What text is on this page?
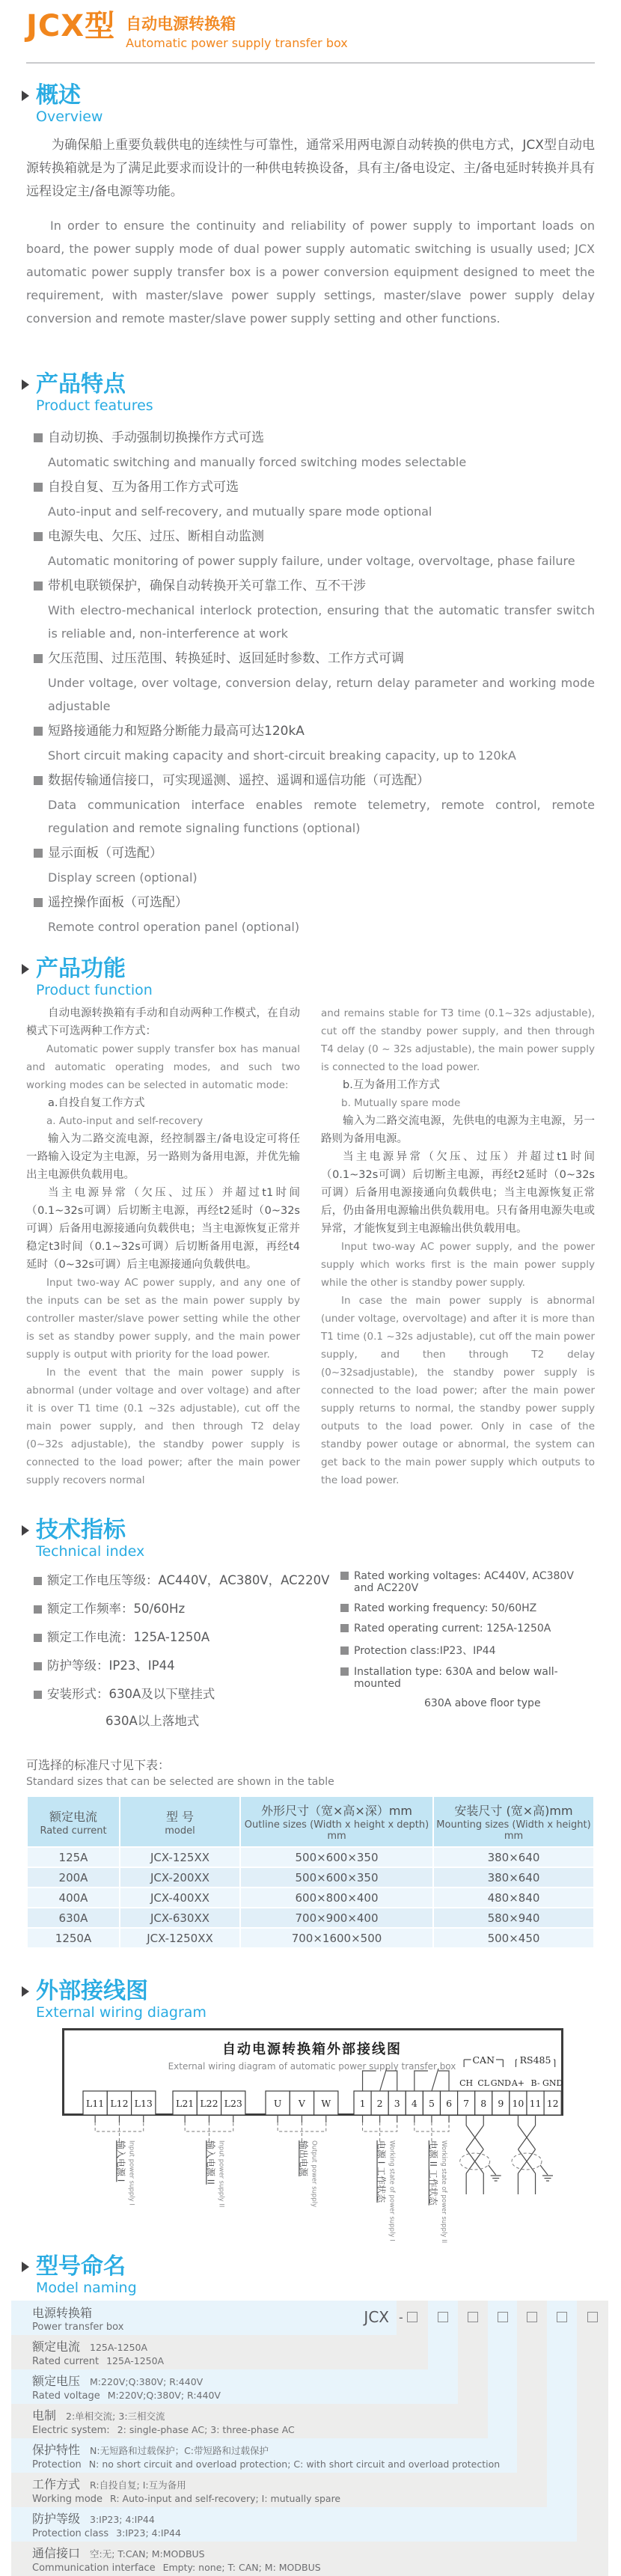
JCX型 自动电源转换箱
Automatic power supply transfer box
概述
Overview

为确保船上重要负载供电的连续性与可靠性，通常采用两电源自动转换的供电方式，JCX型自动电源转换箱就是为了满足此要求而设计的一种供电转换设备，具有主/备电设定、主/备电延时转换并具有远程设定主/备电源等功能。

In order to ensure the continuity and reliability of power supply to important loads on board, the power supply mode of dual power supply automatic switching is usually used; JCX automatic power supply transfer box is a power conversion equipment designed to meet the requirement, with master/slave power supply settings, master/slave power supply delay conversion and remote master/slave power supply setting and other functions.

产品特点
Product features
自动切换、手动强制切换操作方式可选
Automatic switching and manually forced switching modes selectable
自投自复、互为备用工作方式可选
Auto-input and self-recovery, and mutually spare mode optional
电源失电、欠压、过压、断相自动监测
Automatic monitoring of power supply failure, under voltage, overvoltage, phase failure
带机电联锁保护，确保自动转换开关可靠工作、互不干涉
With electro-mechanical interlock protection, ensuring that the automatic transfer switch is reliable and, non-interference at work
欠压范围、过压范围、转换延时、返回延时参数、工作方式可调
Under voltage, over voltage, conversion delay, return delay parameter and working mode adjustable
短路接通能力和短路分断能力最高可达120kA
Short circuit making capacity and short-circuit breaking capacity, up to 120kA
数据传输通信接口，可实现遥测、遥控、遥调和遥信功能（可选配）
Data communication interface enables remote telemetry, remote control, remote regulation and remote signaling functions (optional)
显示面板（可选配）
Display screen (optional)
遥控操作面板（可选配）
Remote control operation panel (optional)
产品功能
Product function

自动电源转换箱有手动和自动两种工作模式，在自动模式下可选两种工作方式：

Automatic power supply transfer box has manual and automatic operating modes, and such two working modes can be selected in automatic mode:

a.自投自复工作方式

a. Auto-input and self-recovery

输入为二路交流电源，经控制器主/备电设定可将任一路输入设定为主电源，另一路则为备用电源，并优先输出主电源供负载用电。

当主电源异常（欠压、过压）并超过t1时间（0.1~32s可调）后切断主电源，再经t2延时（0~32s可调）后备用电源接通向负载供电；当主电源恢复正常并稳定t3时间（0.1~32s可调）后切断备用电源，再经t4延时（0~32s可调）后主电源接通向负载供电。

Input two-way AC power supply, and any one of the inputs can be set as the main power supply by controller master/slave power setting while the other is set as standby power supply, and the main power supply is output with priority for the load power.

In the event that the main power supply is abnormal (under voltage and over voltage) and after it is over T1 time (0.1 ~32s adjustable), cut off the main power supply, and then through T2 delay (0~32s adjustable), the standby power supply is connected to the load power; after the main power supply recovers normal

and remains stable for T3 time (0.1~32s adjustable), cut off the standby power supply, and then through T4 delay (0 ~ 32s adjustable), the main power supply is connected to the load power.

b.互为备用工作方式

b. Mutually spare mode

输入为二路交流电源，先供电的电源为主电源，另一路则为备用电源。

当主电源异常（欠压、过压）并超过t1时间（0.1~32s可调）后切断主电源，再经t2延时（0~32s可调）后备用电源接通向负载供电；当主电源恢复正常后，仍由备用电源输出供负载用电。只有备用电源失电或异常，才能恢复到主电源输出供负载用电。

Input two-way AC power supply, and the power supply which works first is the main power supply while the other is standby power supply.

In case the main power supply is abnormal (under voltage, overvoltage) and after it is more than T1 time (0.1 ~32s adjustable), cut off the main power supply, and then through T2 delay (0~32sadjustable), the standby power supply is connected to the load power; after the main power supply returns to normal, the standby power supply outputs to the load power. Only in case of the standby power outage or abnormal, the system can get back to the main power supply which outputs to the load power.

技术指标
Technical index
额定工作电压等级：AC440V，AC380V，AC220V
额定工作频率：50/60Hz
额定工作电流：125A-1250A
防护等级：IP23、IP44
安装形式：630A及以下壁挂式
630A以上落地式
Rated working voltages: AC440V, AC380V and AC220V
Rated working frequency: 50/60HZ
Rated operating current: 125A-1250A
Protection class:IP23、IP44
Installation type: 630A and below wall-mounted
630A above floor type
可选择的标准尺寸见下表：
Standard sizes that can be selected are shown in the table
额定电流
Rated current

型 号
model

外形尺寸（宽×高×深）mm
Outline sizes (Width x height x depth) mm

安装尺寸 (宽×高)mm
Mounting sizes (Width x height) mm

125A	JCX-125XX	500×600×350	380×640
200A	JCX-200XX	500×600×350	380×640
400A	JCX-400XX	600×800×400	480×840
630A	JCX-630XX	700×900×400	580×940
1250A	JCX-1250XX	700×1600×500	500×450
外部接线图
External wiring diagram
自动电源转换箱外部接线图
External wiring diagram of automatic power supply transfer box
L11 L12 L13 L21 L22 L23	U V W	1 2 3 4 5 6 7 8 9 10 11 12
CAN	RS485
CH CL GND A+ B- GND
输入电源 I Input power supply I	输入电源 II Input power supply II	输出电源 Output power supply	电源 I 工作状态 Working state of power supply I	电源 II 工作状态 Working state of power supply II
型号命名
Model naming
电源转换箱
Power transfer box
额定电流 125A-1250A
Rated current 125A-1250A
额定电压 M:220V;Q:380V; R:440V
Rated voltage M:220V;Q:380V; R:440V
电制 2:单相交流; 3:三相交流
Electric system: 2: single-phase AC; 3: three-phase AC
保护特性 N:无短路和过载保护；C:带短路和过载保护
Protection N: no short circuit and overload protection; C: with short circuit and overload protection
工作方式 R:自投自复; I:互为备用
Working mode R: Auto-input and self-recovery; I: mutually spare
防护等级 3:IP23; 4:IP44
Protection class 3:IP23; 4:IP44
通信接口 空:无; T:CAN; M:MODBUS
Communication interface Empty: none; T: CAN; M: MODBUS
JCX -
